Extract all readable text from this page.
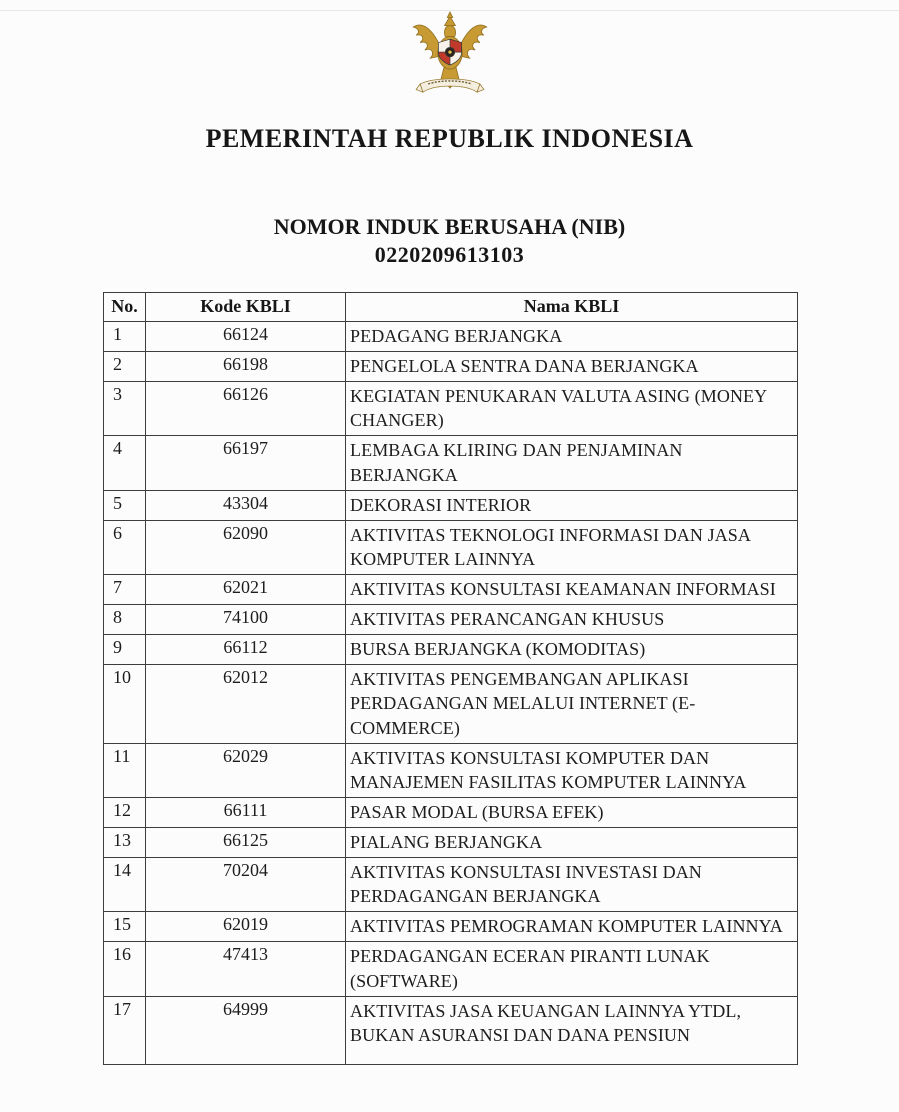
PEMERINTAH REPUBLIK INDONESIA
NOMOR INDUK BERUSAHA (NIB)
0220209613103
No.	Kode KBLI	Nama KBLI
1	66124	PEDAGANG BERJANGKA
2	66198	PENGELOLA SENTRA DANA BERJANGKA
3	66126	KEGIATAN PENUKARAN VALUTA ASING (MONEY CHANGER)
4	66197	LEMBAGA KLIRING DAN PENJAMINAN BERJANGKA
5	43304	DEKORASI INTERIOR
6	62090	AKTIVITAS TEKNOLOGI INFORMASI DAN JASA KOMPUTER LAINNYA
7	62021	AKTIVITAS KONSULTASI KEAMANAN INFORMASI
8	74100	AKTIVITAS PERANCANGAN KHUSUS
9	66112	BURSA BERJANGKA (KOMODITAS)
10	62012	AKTIVITAS PENGEMBANGAN APLIKASI PERDAGANGAN MELALUI INTERNET (E-COMMERCE)
11	62029	AKTIVITAS KONSULTASI KOMPUTER DAN MANAJEMEN FASILITAS KOMPUTER LAINNYA
12	66111	PASAR MODAL (BURSA EFEK)
13	66125	PIALANG BERJANGKA
14	70204	AKTIVITAS KONSULTASI INVESTASI DAN PERDAGANGAN BERJANGKA
15	62019	AKTIVITAS PEMROGRAMAN KOMPUTER LAINNYA
16	47413	PERDAGANGAN ECERAN PIRANTI LUNAK (SOFTWARE)
17	64999	AKTIVITAS JASA KEUANGAN LAINNYA YTDL, BUKAN ASURANSI DAN DANA PENSIUN
